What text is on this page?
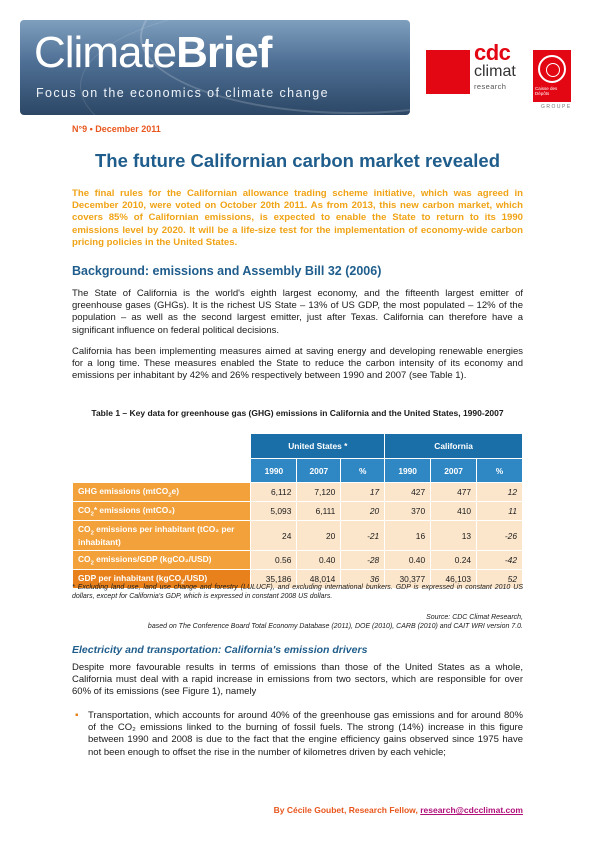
ClimateBrief
Focus on the economics of climate change
cdc
climat
research	Caisse des Dépôts
GROUPE
N°9 • December 2011
The future Californian carbon market revealed

The final rules for the Californian allowance trading scheme initiative, which was agreed in December 2010, were voted on October 20th 2011. As from 2013, this new carbon market, which covers 85% of Californian emissions, is expected to enable the State to return to its 1990 emissions level by 2020. It will be a life-size test for the implementation of economy-wide carbon pricing policies in the United States.

Background: emissions and Assembly Bill 32 (2006)

The State of California is the world's eighth largest economy, and the fifteenth largest emitter of greenhouse gases (GHGs). It is the richest US State – 13% of US GDP, the most populated – 12% of the population – as well as the second largest emitter, just after Texas. California can therefore have a significant influence on federal political decisions.

California has been implementing measures aimed at saving energy and developing renewable energies for a long time. These measures enabled the State to reduce the carbon intensity of its economy and emissions per inhabitant by 42% and 26% respectively between 1990 and 2007 (see Table 1).

Table 1 – Key data for greenhouse gas (GHG) emissions in California and the United States, 1990-2007

	United States *			California		
	1990	2007	%	1990	2007	%
GHG emissions (mtCO$_2$e)	6,112	7,120	17	427	477	12
$CO_2*$ emissions (mtCO₂)	5,093	6,111	20	370	410	11
$CO_2$ emissions per inhabitant (tCO₂ per inhabitant)	24	20	-21	16	13	-26
$CO_2$ emissions/GDP (kgCO₂/USD)	0.56	0.40	-28	0.40	0.24	-42
GDP per inhabitant (kgCO$_2$/USD)	35,186	48,014	36	30,377	46,103	52

* Excluding land use, land use change and forestry (LULUCF), and excluding international bunkers. GDP is expressed in constant 2010 US dollars, except for California's GDP, which is expressed in constant 2008 US dollars.

Source: CDC Climat Research,
based on The Conference Board Total Economy Database (2011), DOE (2010), CARB (2010) and CAIT WRI version 7.0.

Electricity and transportation: California's emission drivers

Despite more favourable results in terms of emissions than those of the United States as a whole, California must deal with a rapid increase in emissions from two sectors, which are responsible for over 60% of its emissions (see Figure 1), namely

▪ Transportation, which accounts for around 40% of the greenhouse gas emissions and for around 80% of the CO₂ emissions linked to the burning of fossil fuels. The strong (14%) increase in this figure between 1990 and 2008 is due to the fact that the engine efficiency gains observed since 1975 have not been enough to offset the rise in the number of kilometres driven by each vehicle;

By Cécile Goubet, Research Fellow, research@cdcclimat.com
